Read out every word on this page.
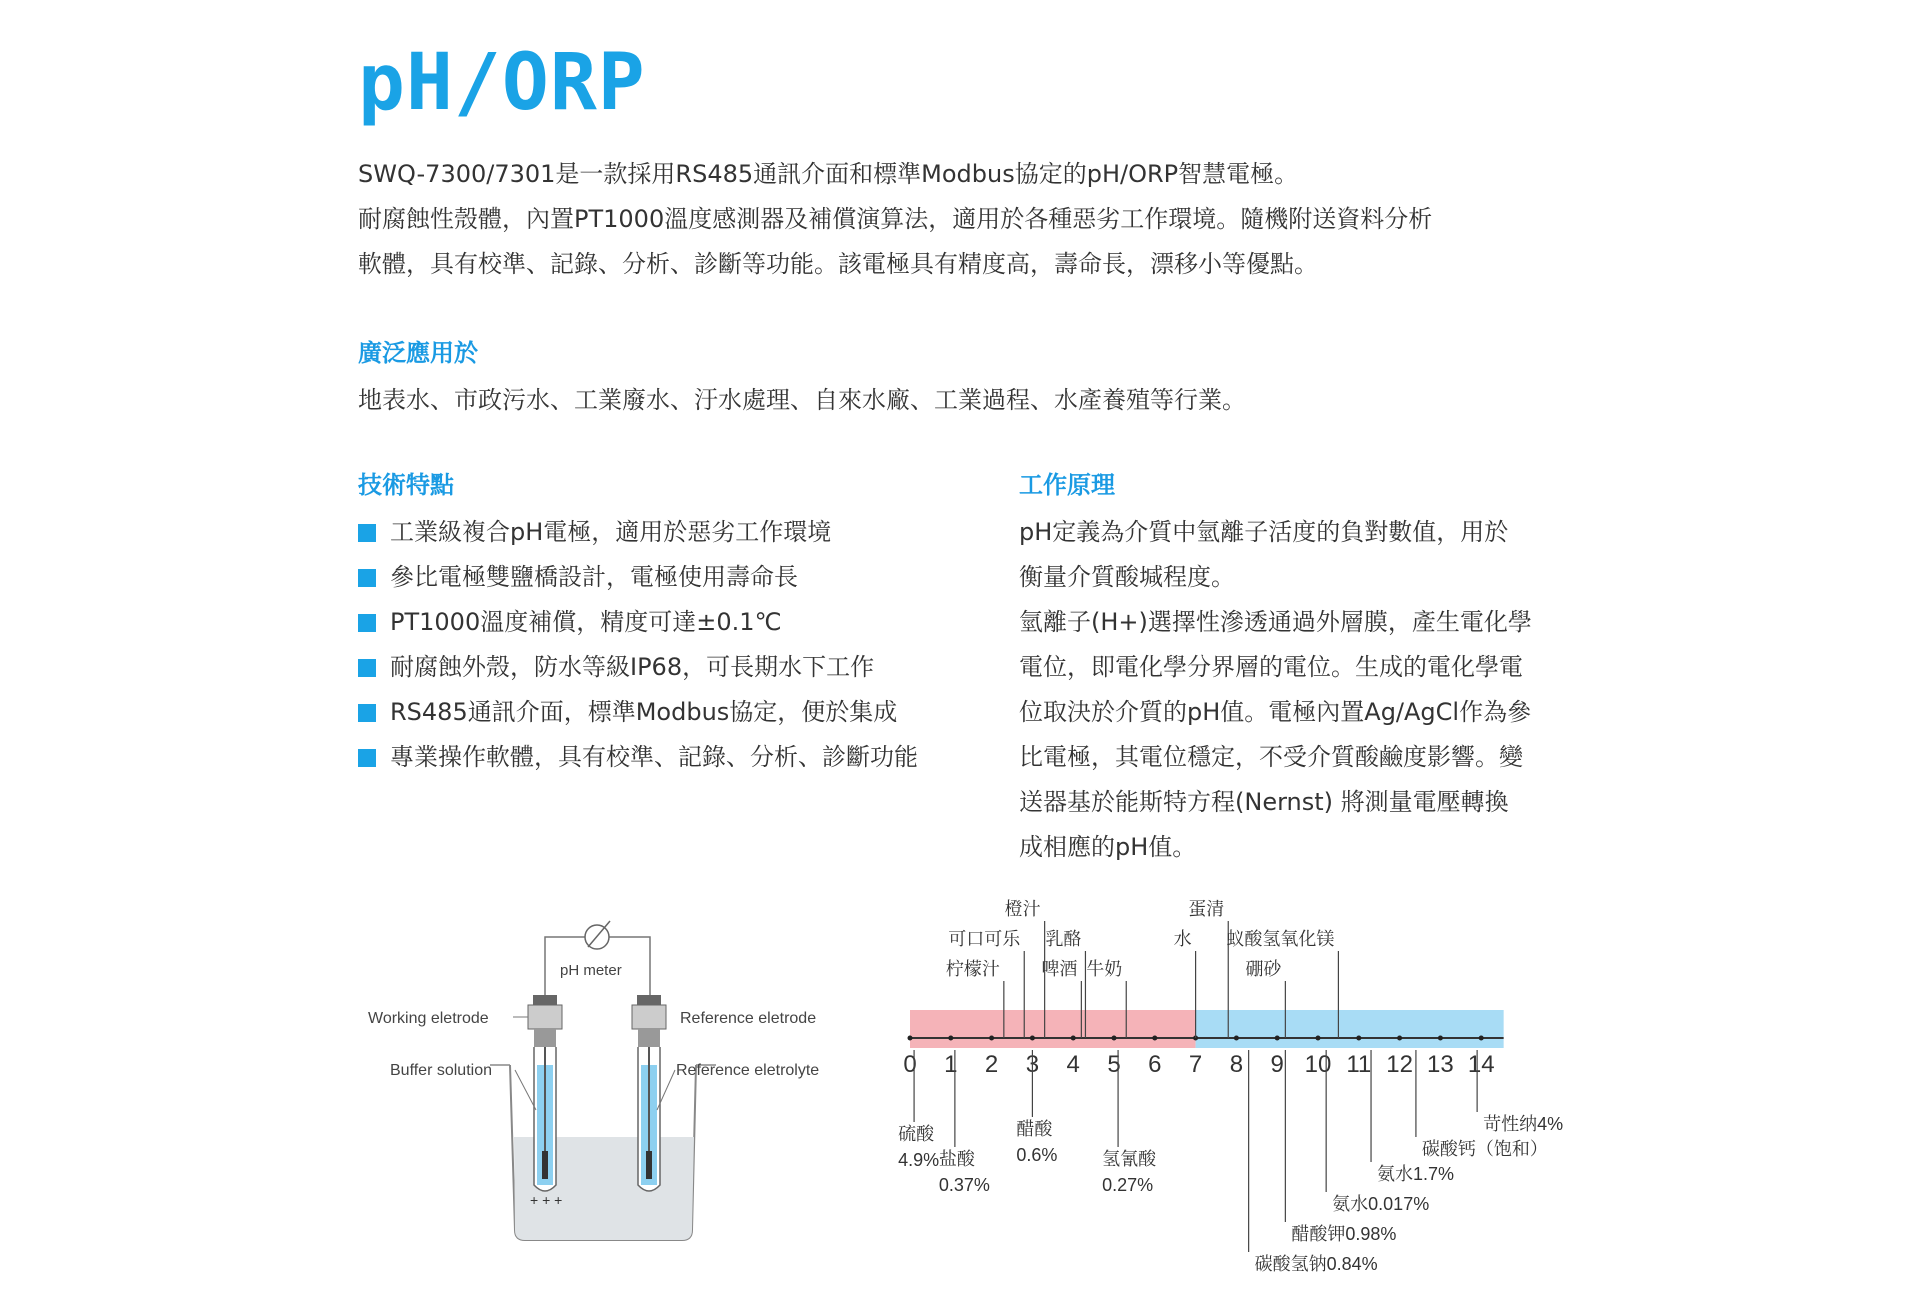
pH/ORP

SWQ-7300/7301是一款採用RS485通訊介面和標準Modbus協定的pH/ORP智慧電極。

耐腐蝕性殼體，內置PT1000溫度感測器及補償演算法，適用於各種惡劣工作環境。隨機附送資料分析

軟體，具有校準、記錄、分析、診斷等功能。該電極具有精度高，壽命長，漂移小等優點。

廣泛應用於

地表水、市政污水、工業廢水、汙水處理、自來水廠、工業過程、水產養殖等行業。

技術特點
工業級複合pH電極，適用於惡劣工作環境
參比電極雙鹽橋設計，電極使用壽命長
PT1000溫度補償，精度可達±0.1℃
耐腐蝕外殼，防水等級IP68，可長期水下工作
RS485通訊介面，標準Modbus協定，便於集成
專業操作軟體，具有校準、記錄、分析、診斷功能
工作原理

pH定義為介質中氫離子活度的負對數值，用於

衡量介質酸堿程度。

氫離子(H+)選擇性滲透通過外層膜，產生電化學

電位，即電化學分界層的電位。生成的電化學電

位取決於介質的pH值。電極內置Ag/AgCl作為參

比電極，其電位穩定，不受介質酸鹼度影響。變

送器基於能斯特方程(Nernst) 將測量電壓轉換

成相應的pH值。

pH meter
Working eletrode	Reference eletrode
Buffer solution	Reference eletrolyte
+ + +
0 1 2 3 4 5 6 7 8 9 10 11 12 13 14
橙汁
可口可乐
柠檬汁
乳酪
啤酒 牛奶
水
蛋清
硼砂
蚁酸氢氧化镁
硫酸
4.9% 盐酸
0.37%
醋酸
0.6% 氢氰酸
0.27%
碳酸氢钠0.84%
醋酸钾0.98%
氨水0.017%
氨水1.7%
碳酸钙（饱和）
苛性纳4%
